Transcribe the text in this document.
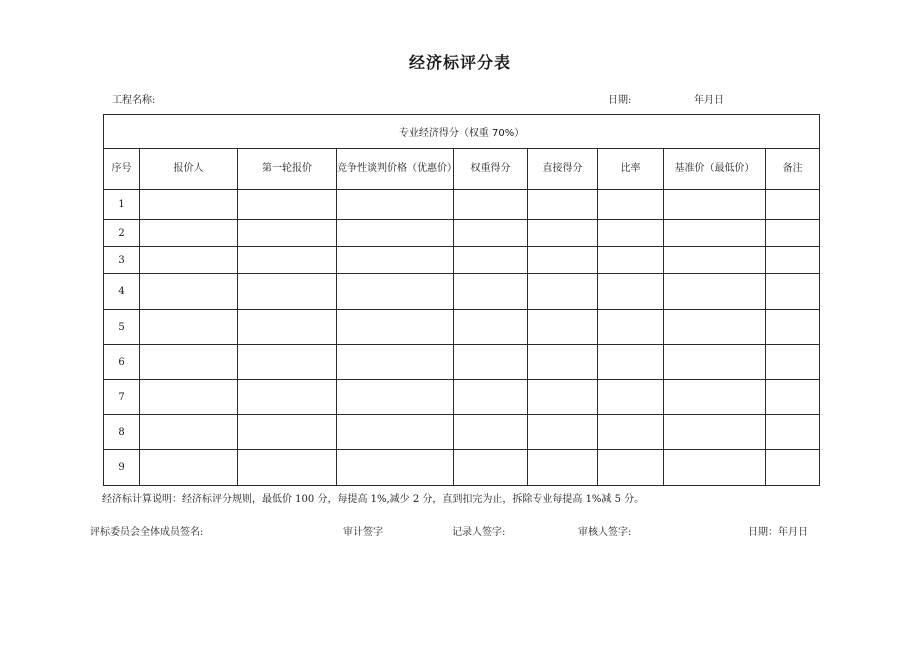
经济标评分表
工程名称:	日期:	年月日
专业经济得分（权重 70%）								
序号	报价人	第一轮报价	竞争性谈判价格（优惠价）	权重得分	直接得分	比率	基准价（最低价）	备注
1								
2								
3								
4								
5								
6								
7								
8								
9								
经济标计算说明：经济标评分规则，最低价 100 分，每提高 1%,减少 2 分，直到扣完为止，拆除专业每提高 1%减 5 分。
评标委员会全体成员签名:	审计签字	记录人签字:	审核人签字:	日期：年月日
